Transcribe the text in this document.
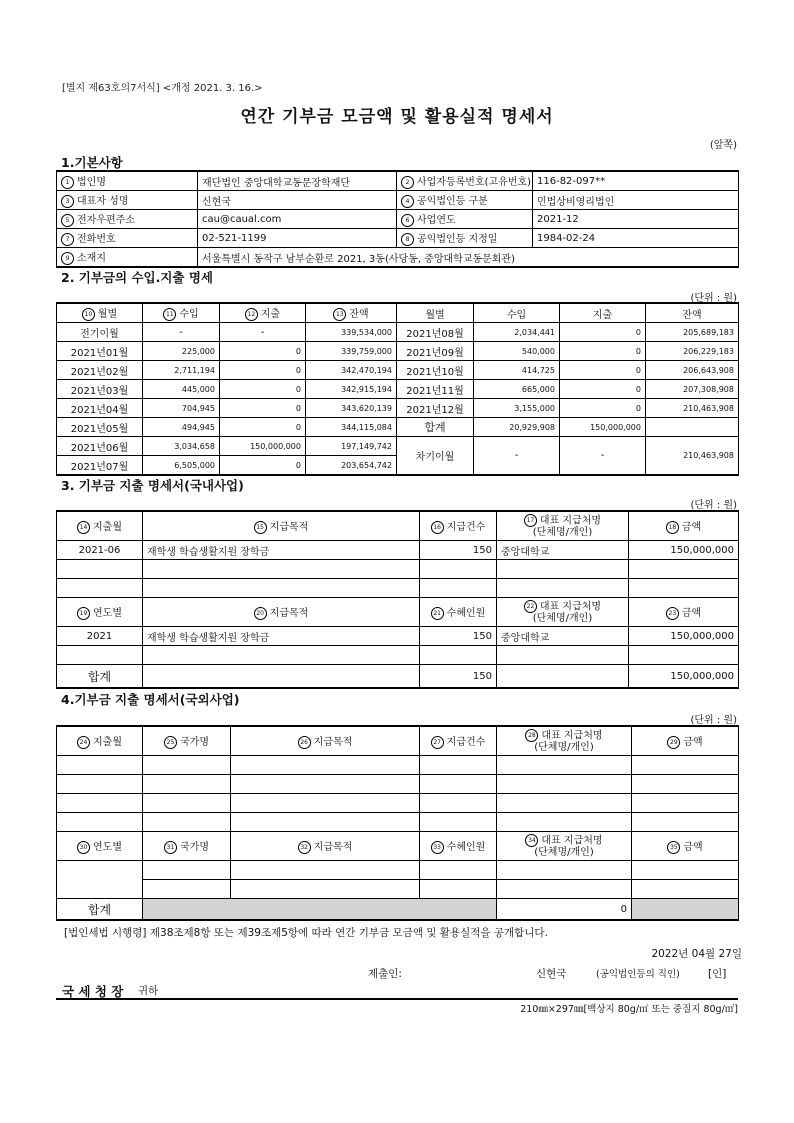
[별지 제63호의7서식] <개정 2021. 3. 16.>
연간 기부금 모금액 및 활용실적 명세서
(앞쪽)
1.기본사항
1 법인명	재단법인 중앙대학교동문장학재단	2 사업자등록번호(고유번호)	116-82-097**
3 대표자 성명	신현국	4 공익법인등 구분	민법상비영리법인
5 전자우편주소	cau@caual.com	6 사업연도	2021-12
7 전화번호	02-521-1199	8 공익법인등 지정일	1984-02-24
9 소재지	서울특별시 동작구 남부순환로 2021, 3동(사당동, 중앙대학교동문회관)		
2. 기부금의 수입.지출 명세
(단위 : 원)
10 월별	11 수입	12 지출	13 잔액	월별	수입	지출	잔액
전기이월	-	-	339,534,000	2021년08월	2,034,441	0	205,689,183
2021년01월	225,000	0	339,759,000	2021년09월	540,000	0	206,229,183
2021년02월	2,711,194	0	342,470,194	2021년10월	414,725	0	206,643,908
2021년03월	445,000	0	342,915,194	2021년11월	665,000	0	207,308,908
2021년04월	704,945	0	343,620,139	2021년12월	3,155,000	0	210,463,908
2021년05월	494,945	0	344,115,084	합계	20,929,908	150,000,000	
2021년06월	3,034,658	150,000,000	197,149,742	차기이월	-	-	210,463,908
2021년07월	6,505,000	0	203,654,742				
3. 기부금 지출 명세서(국내사업)
(단위 : 원)
14 지출월	15 지급목적	16 지급건수	17 대표 지급처명
(단체명/개인)	18 금액
2021-06	재학생 학습생활지원 장학금	150	중앙대학교	150,000,000

19 연도별	20 지급목적	21 수혜인원	22 대표 지급처명
(단체명/개인)	23 금액
2021	재학생 학습생활지원 장학금	150	중앙대학교	150,000,000

합계		150		150,000,000
4.기부금 지출 명세서(국외사업)
(단위 : 원)
24 지출월	25 국가명	26 지급목적	27 지급건수	28 대표 지급처명
(단체명/개인)	29 금액	

30 연도별	31 국가명	32 지급목적	33 수혜인원	34 대표 지급처명
(단체명/개인)	35 금액	

합계				0		
[법인세법 시행령] 제38조제8항 또는 제39조제5항에 따라 연간 기부금 모금액 및 활용실적을 공개합니다.
2022년 04월 27일
제출인:	신현국	(공익법인등의 직인)	[인]
국 세 청 장 귀하
210㎜×297㎜[백상지 80g/㎡ 또는 중질지 80g/㎡]
